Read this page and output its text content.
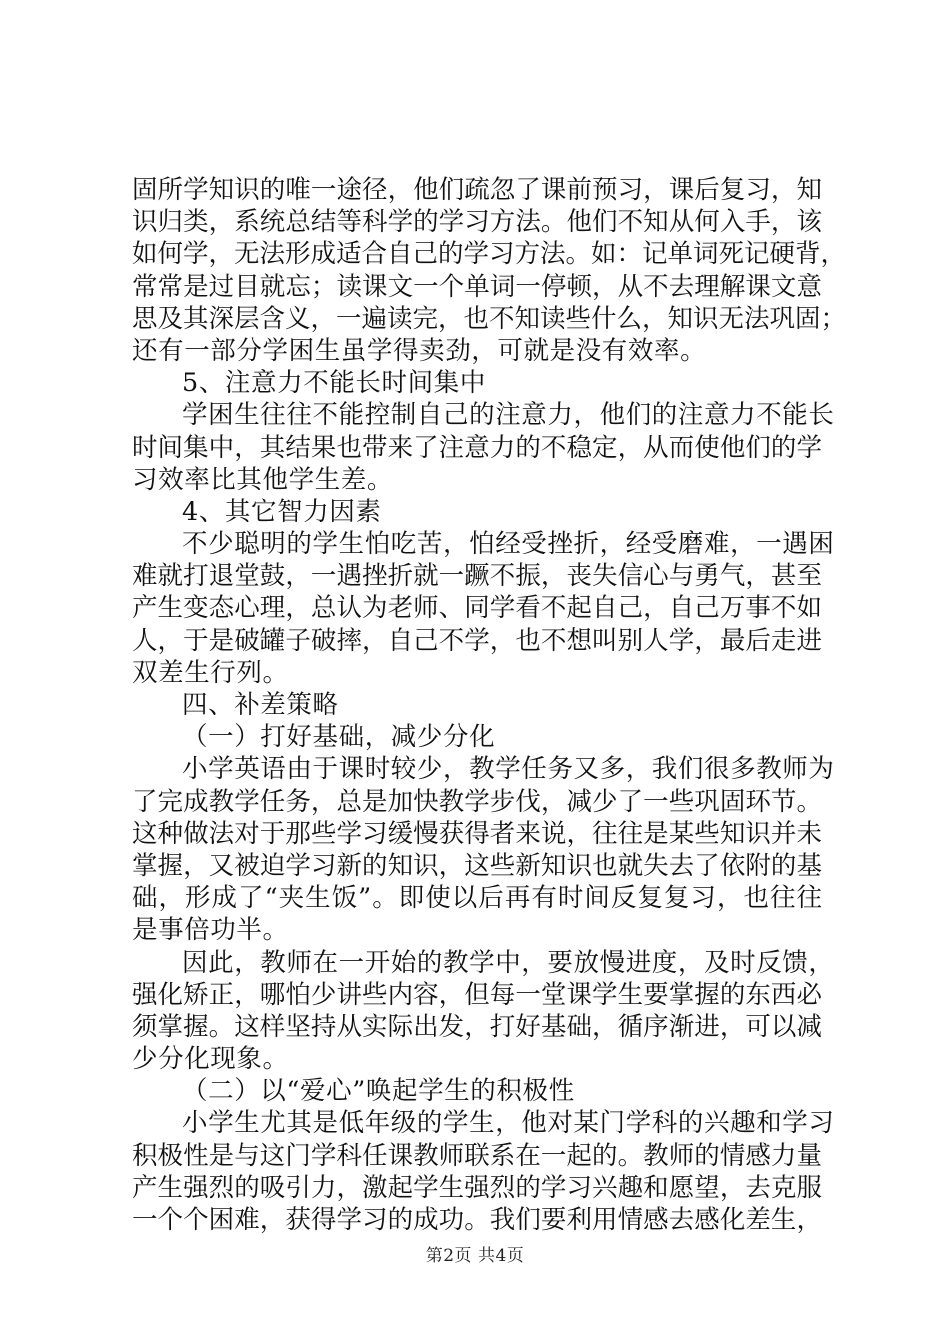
固所学知识的唯一途径，他们疏忽了课前预习，课后复习，知
识归类，系统总结等科学的学习方法。他们不知从何入手，该
如何学，无法形成适合自己的学习方法。如：记单词死记硬背，
常常是过目就忘；读课文一个单词一停顿，从不去理解课文意
思及其深层含义，一遍读完，也不知读些什么，知识无法巩固；
还有一部分学困生虽学得卖劲，可就是没有效率。
5、注意力不能长时间集中
学困生往往不能控制自己的注意力，他们的注意力不能长
时间集中，其结果也带来了注意力的不稳定，从而使他们的学
习效率比其他学生差。
4、其它智力因素
不少聪明的学生怕吃苦，怕经受挫折，经受磨难，一遇困
难就打退堂鼓，一遇挫折就一蹶不振，丧失信心与勇气，甚至
产生变态心理，总认为老师、同学看不起自己，自己万事不如
人，于是破罐子破摔，自己不学，也不想叫别人学，最后走进
双差生行列。
四、补差策略
（一）打好基础，减少分化
小学英语由于课时较少，教学任务又多，我们很多教师为
了完成教学任务，总是加快教学步伐，减少了一些巩固环节。
这种做法对于那些学习缓慢获得者来说，往往是某些知识并未
掌握，又被迫学习新的知识，这些新知识也就失去了依附的基
础，形成了“夹生饭”。即使以后再有时间反复复习，也往往
是事倍功半。
因此，教师在一开始的教学中，要放慢进度，及时反馈，
强化矫正，哪怕少讲些内容，但每一堂课学生要掌握的东西必
须掌握。这样坚持从实际出发，打好基础，循序渐进，可以减
少分化现象。
（二）以“爱心”唤起学生的积极性
小学生尤其是低年级的学生，他对某门学科的兴趣和学习
积极性是与这门学科任课教师联系在一起的。教师的情感力量
产生强烈的吸引力，激起学生强烈的学习兴趣和愿望，去克服
一个个困难，获得学习的成功。我们要利用情感去感化差生，
第2页 共4页
